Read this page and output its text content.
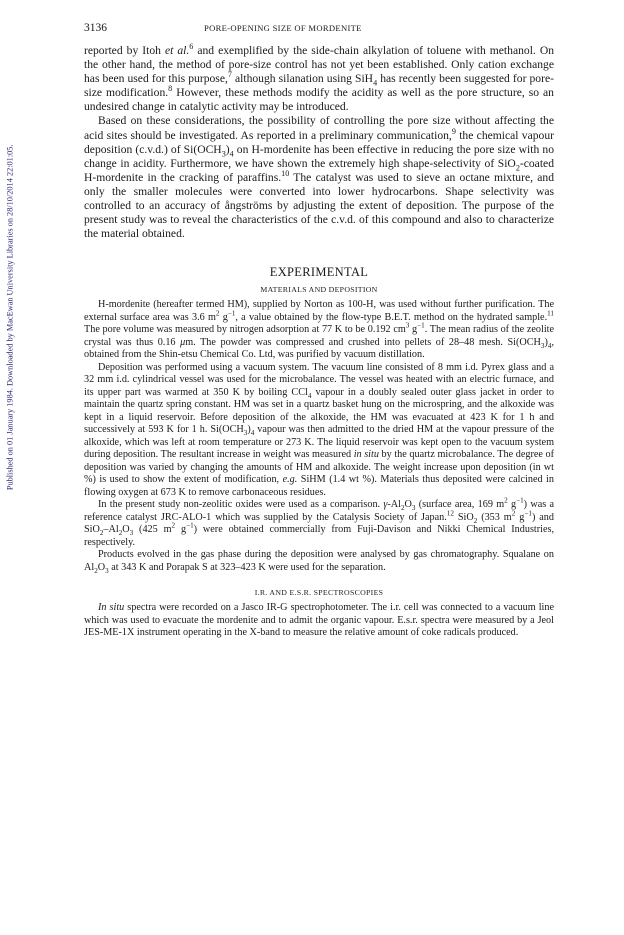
Published on 01 January 1984. Downloaded by MacEwan University Libraries on 28/10/2014 22:01:05.
3136	PORE-OPENING SIZE OF MORDENITE

reported by Itoh et al.$^6$ and exemplified by the side-chain alkylation of toluene with methanol. On the other hand, the method of pore-size control has not yet been established. Only cation exchange has been used for this purpose,$^7$ although silanation using SiH$_4$ has recently been suggested for pore-size modification.$^8$ However, these methods modify the acidity as well as the pore structure, so an undesired change in catalytic activity may be introduced.

Based on these considerations, the possibility of controlling the pore size without affecting the acid sites should be investigated. As reported in a preliminary communication,$^9$ the chemical vapour deposition (c.v.d.) of $Si(OCH_3)_4$ on H-mordenite has been effective in reducing the pore size with no change in acidity. Furthermore, we have shown the extremely high shape-selectivity of SiO$_2$-coated H-mordenite in the cracking of paraffins.$^{10}$ The catalyst was used to sieve an octane mixture, and only the smaller molecules were converted into lower hydrocarbons. Shape selectivity was controlled to an accuracy of ångströms by adjusting the extent of deposition. The purpose of the present study was to reveal the characteristics of the c.v.d. of this compound and also to characterize the material obtained.

EXPERIMENTAL
MATERIALS AND DEPOSITION

H-mordenite (hereafter termed HM), supplied by Norton as 100-H, was used without further purification. The external surface area was 3.6 $m^2$ $g^{-1}$, a value obtained by the flow-type B.E.T. method on the hydrated sample.$^{11}$ The pore volume was measured by nitrogen adsorption at 77 K to be 0.192 $cm^3$ $g^{-1}$. The mean radius of the zeolite crystal was thus 0.16 μm. The powder was compressed and crushed into pellets of 28–48 mesh. $Si(OCH_3)_4$, obtained from the Shin-etsu Chemical Co. Ltd, was purified by vacuum distillation.

Deposition was performed using a vacuum system. The vacuum line consisted of 8 mm i.d. Pyrex glass and a 32 mm i.d. cylindrical vessel was used for the microbalance. The vessel was heated with an electric furnace, and its upper part was warmed at 350 K by boiling CCl$_4$ vapour in a doubly sealed outer glass jacket in order to maintain the quartz spring constant. HM was set in a quartz basket hung on the microspring, and the alkoxide was kept in a liquid reservoir. Before deposition of the alkoxide, the HM was evacuated at 423 K for 1 h and successively at 593 K for 1 h. $Si(OCH_3)_4$ vapour was then admitted to the dried HM at the vapour pressure of the alkoxide, which was left at room temperature or 273 K. The liquid reservoir was kept open to the vacuum system during deposition. The resultant increase in weight was measured in situ by the quartz microbalance. The degree of deposition was varied by changing the amounts of HM and alkoxide. The weight increase upon deposition (in wt %) is used to show the extent of modification, e.g. SiHM (1.4 wt %). Materials thus deposited were calcined in flowing oxygen at 673 K to remove carbonaceous residues.

In the present study non-zeolitic oxides were used as a comparison. $\gamma-Al_2O_3$ (surface area, 169 $m^2$ $g^{-1}$) was a reference catalyst JRC-ALO-1 which was supplied by the Catalysis Society of Japan.$^{12}$ SiO$_2$ (353 $m^2$ $g^{-1}$) and $SiO_2-Al_2O_3$ (425 $m^2$ $g^{-1}$) were obtained commercially from Fuji-Davison and Nikki Chemical Industries, respectively.

Products evolved in the gas phase during the deposition were analysed by gas chromatography. Squalane on $Al_2O_3$ at 343 K and Porapak S at 323–423 K were used for the separation.

I.R. AND E.S.R. SPECTROSCOPIES

In situ spectra were recorded on a Jasco IR-G spectrophotometer. The i.r. cell was connected to a vacuum line which was used to evacuate the mordenite and to admit the organic vapour. E.s.r. spectra were measured by a Jeol JES-ME-1X instrument operating in the X-band to measure the relative amount of coke radicals produced.
